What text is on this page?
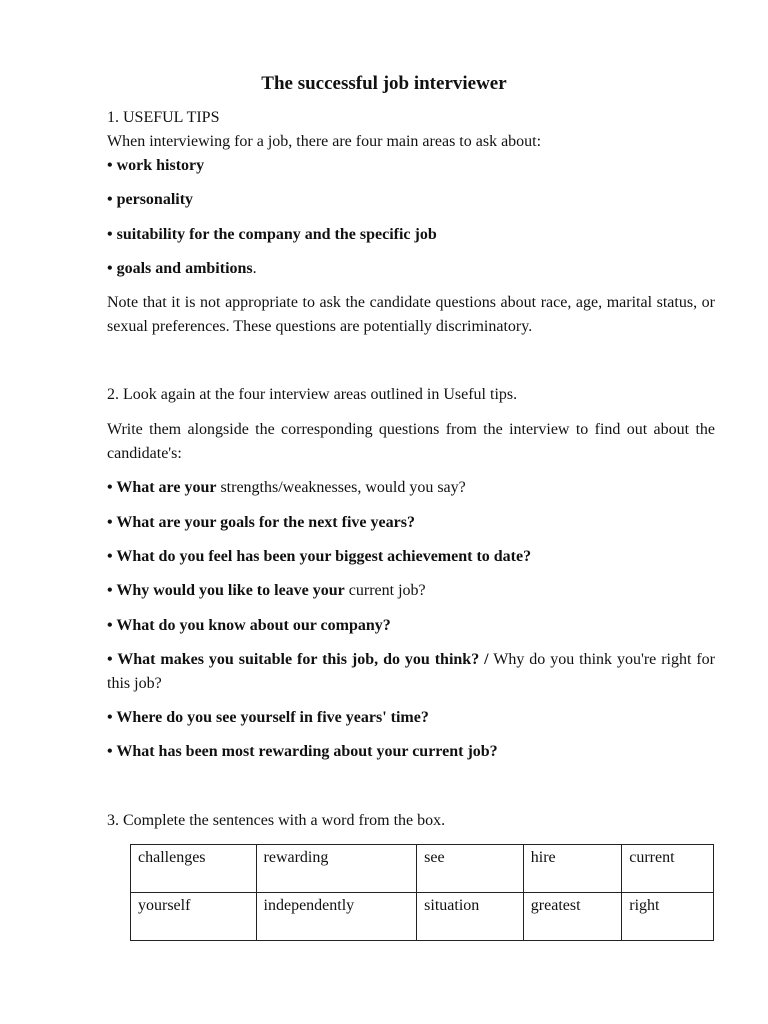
The successful job interviewer

1. USEFUL TIPS

When interviewing for a job, there are four main areas to ask about:

• work history

• personality

• suitability for the company and the specific job

• goals and ambitions.

Note that it is not appropriate to ask the candidate questions about race, age, marital status, or sexual preferences. These questions are potentially discriminatory.

2. Look again at the four interview areas outlined in Useful tips.

Write them alongside the corresponding questions from the interview to find out about the candidate's:

• What are your strengths/weaknesses, would you say?

• What are your goals for the next five years?

• What do you feel has been your biggest achievement to date?

• Why would you like to leave your current job?

• What do you know about our company?

• What makes you suitable for this job, do you think? / Why do you think you're right for this job?

• Where do you see yourself in five years' time?

• What has been most rewarding about your current job?

3. Complete the sentences with a word from the box.

challenges	rewarding	see	hire	current
yourself	independently	situation	greatest	right
